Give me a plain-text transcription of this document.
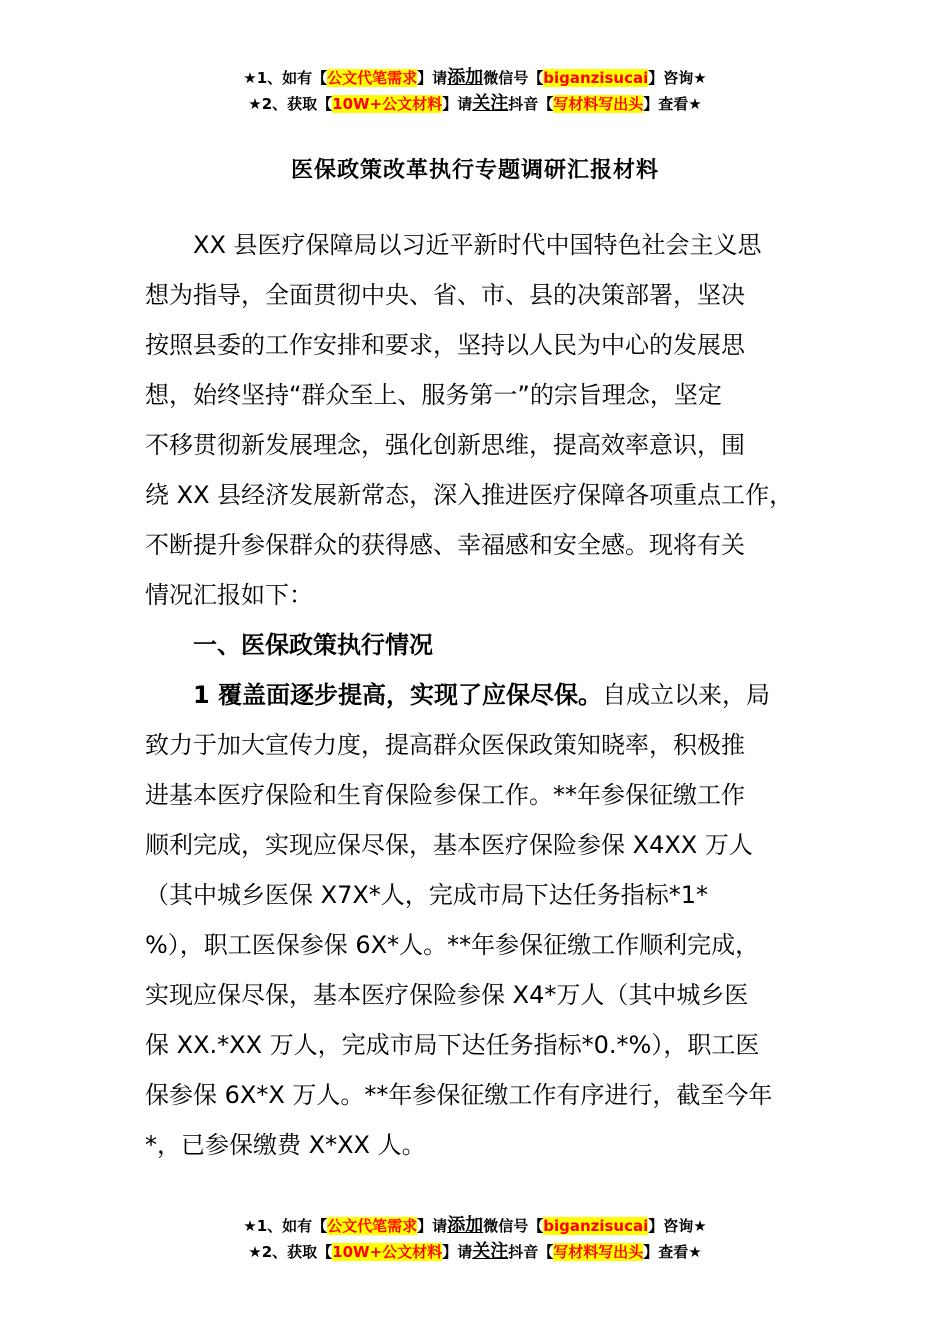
★1、如有【公文代笔需求】请添加微信号【biganzisucai】咨询★
★2、获取【10W+公文材料】请关注抖音【写材料写出头】查看★
医保政策改革执行专题调研汇报材料
XX 县医疗保障局以习近平新时代中国特色社会主义思
想为指导，全面贯彻中央、省、市、县的决策部署，坚决
按照县委的工作安排和要求，坚持以人民为中心的发展思
想，始终坚持“群众至上、服务第一”的宗旨理念，坚定
不移贯彻新发展理念，强化创新思维，提高效率意识，围
绕 XX 县经济发展新常态，深入推进医疗保障各项重点工作，
不断提升参保群众的获得感、幸福感和安全感。现将有关
情况汇报如下：
一、医保政策执行情况
1 覆盖面逐步提高，实现了应保尽保。自成立以来，局
致力于加大宣传力度，提高群众医保政策知晓率，积极推
进基本医疗保险和生育保险参保工作。**年参保征缴工作
顺利完成，实现应保尽保，基本医疗保险参保 X4XX 万人
（其中城乡医保 X7X*人，完成市局下达任务指标*1*
%），职工医保参保 6X*人。**年参保征缴工作顺利完成，
实现应保尽保，基本医疗保险参保 X4*万人（其中城乡医
保 XX.*XX 万人，完成市局下达任务指标*0.*%），职工医
保参保 6X*X 万人。**年参保征缴工作有序进行，截至今年
*，已参保缴费 X*XX 人。
★1、如有【公文代笔需求】请添加微信号【biganzisucai】咨询★
★2、获取【10W+公文材料】请关注抖音【写材料写出头】查看★
